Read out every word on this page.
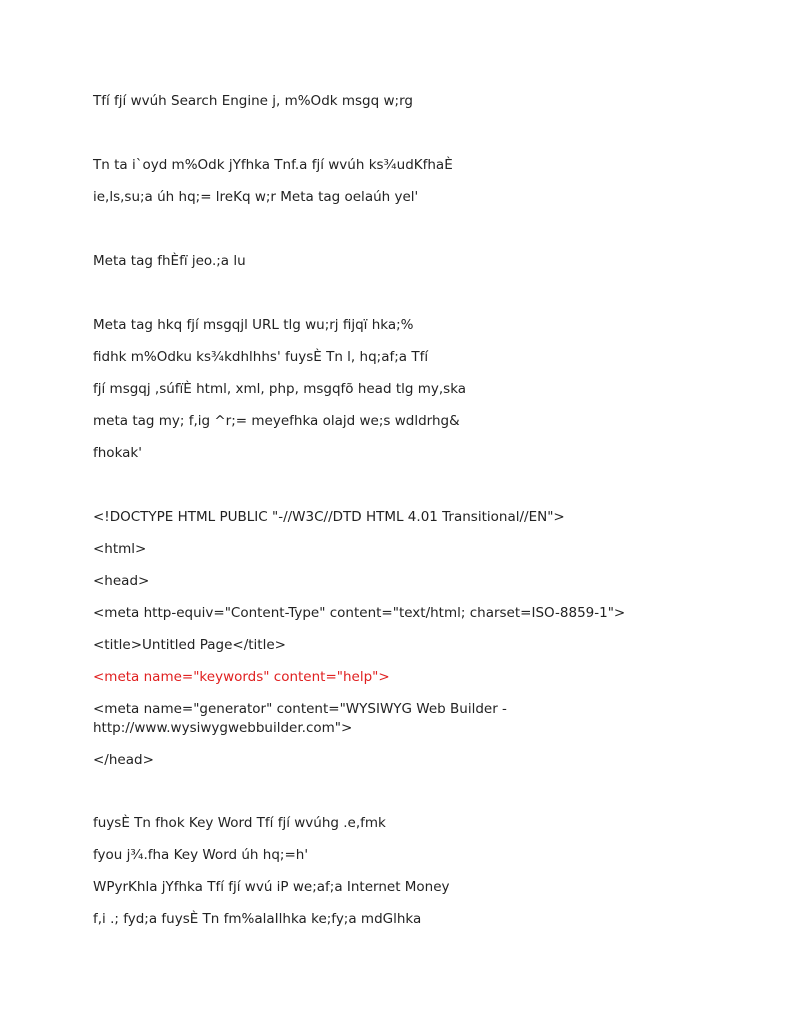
Tfí fjí wvúh Search Engine j, m%Odk msgq w;rg
Tn ta i`oyd m%Odk jYfhka Tnf.a fjí wvúh ks¾udKfhaÈ
ie,ls,su;a úh hq;= lreKq w;r Meta tag oelaúh yel'
Meta tag fhÈfï jeo.;a lu
Meta tag hkq fjí msgqjl URL tlg wu;rj fijqï hka;%
fidhk m%Odku ks¾kdhlhhs' fuysÈ Tn l, hq;af;a Tfí
fjí msgqj ,súfïÈ html, xml, php, msgqfõ head tlg my,ska
meta tag my; f,ig ^r;= meyefhka olajd we;s wdldrhg&
fhokak'
<!DOCTYPE HTML PUBLIC "-//W3C//DTD HTML 4.01 Transitional//EN">
<html>
<head>
<meta http-equiv="Content-Type" content="text/html; charset=ISO-8859-1">
<title>Untitled Page</title>
<meta name="keywords" content="help">
<meta name="generator" content="WYSIWYG Web Builder -
http://www.wysiwygwebbuilder.com">
</head>
fuysÈ Tn fhok Key Word Tfí fjí wvúhg .e,fmk
fyou j¾.fha Key Word úh hq;=h'
WPyrKhla jYfhka Tfí fjí wvú iP we;af;a Internet Money
f,i .; fyd;a fuysÈ Tn fm%alaIlhka ke;fy;a mdGlhka
